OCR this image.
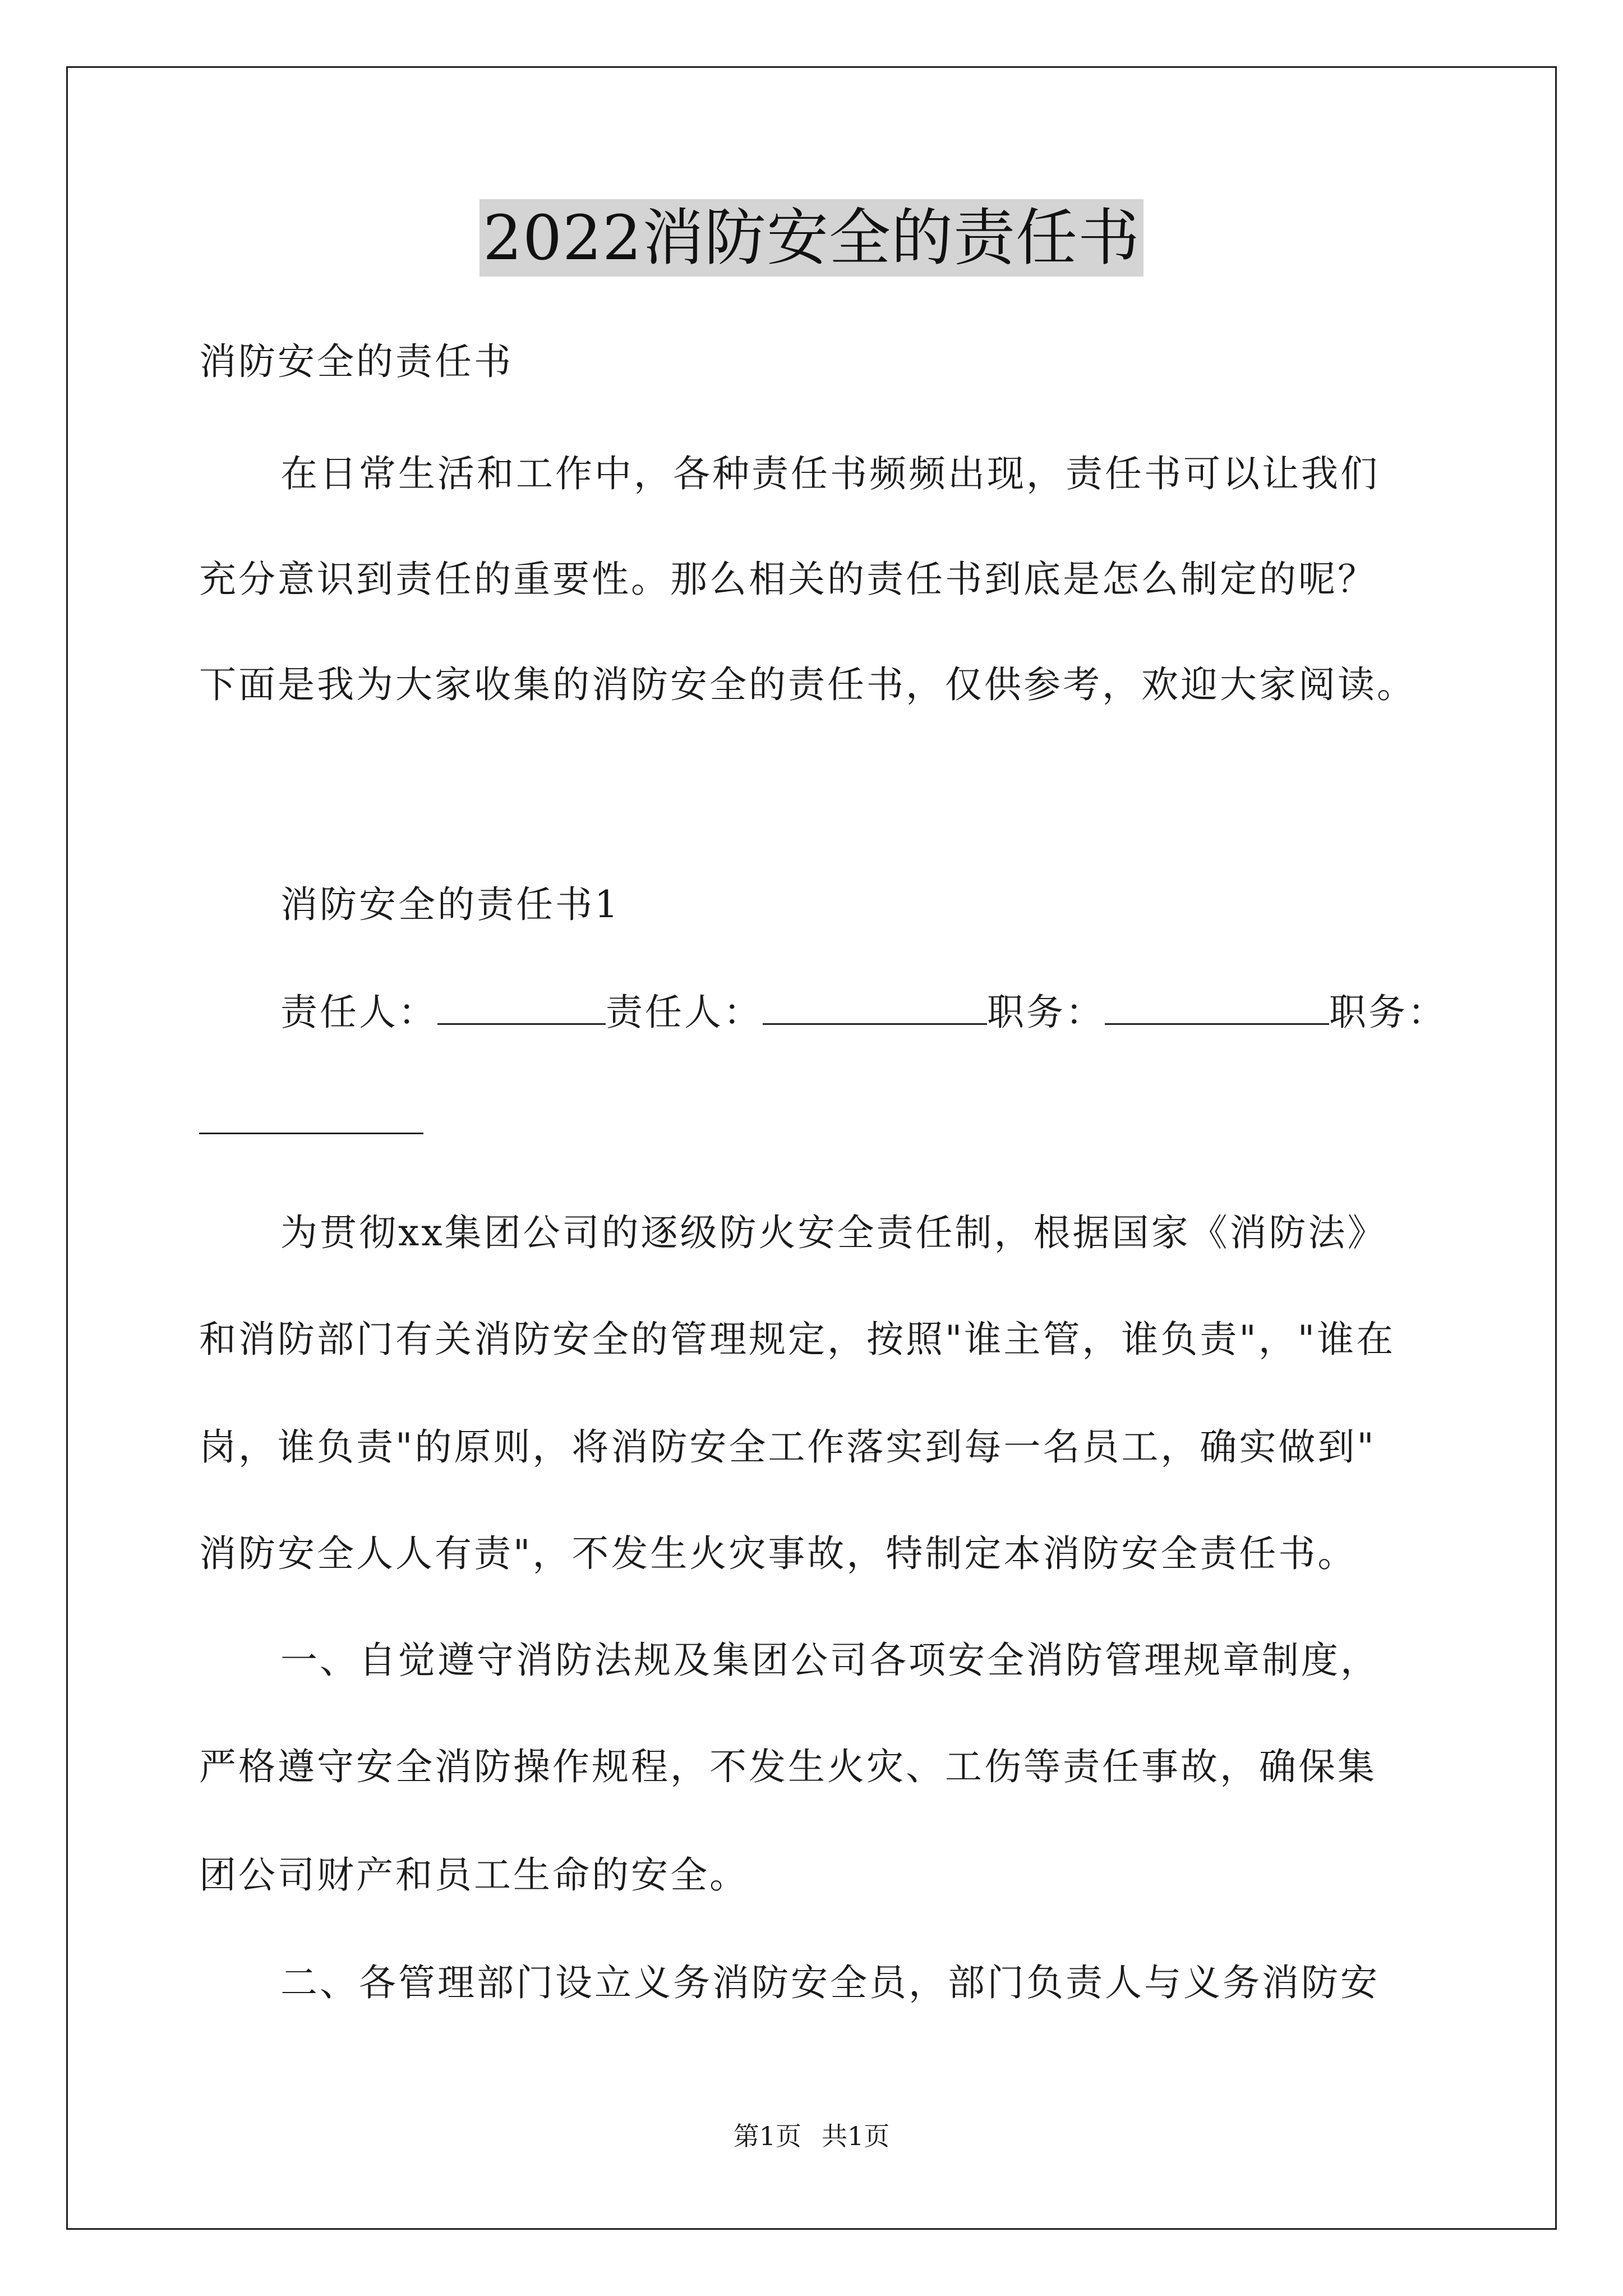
2022消防安全的责任书
消防安全的责任书
在日常生活和工作中，各种责任书频频出现，责任书可以让我们
充分意识到责任的重要性。那么相关的责任书到底是怎么制定的呢？
下面是我为大家收集的消防安全的责任书，仅供参考，欢迎大家阅读。
消防安全的责任书1
责任人：	责任人：	职务：	职务：
为贯彻xx集团公司的逐级防火安全责任制，根据国家《消防法》
和消防部门有关消防安全的管理规定，按照"谁主管，谁负责"，"谁在
岗，谁负责"的原则，将消防安全工作落实到每一名员工，确实做到"
消防安全人人有责"，不发生火灾事故，特制定本消防安全责任书。
一、自觉遵守消防法规及集团公司各项安全消防管理规章制度，
严格遵守安全消防操作规程，不发生火灾、工伤等责任事故，确保集
团公司财产和员工生命的安全。
二、各管理部门设立义务消防安全员，部门负责人与义务消防安
第1页 共1页
